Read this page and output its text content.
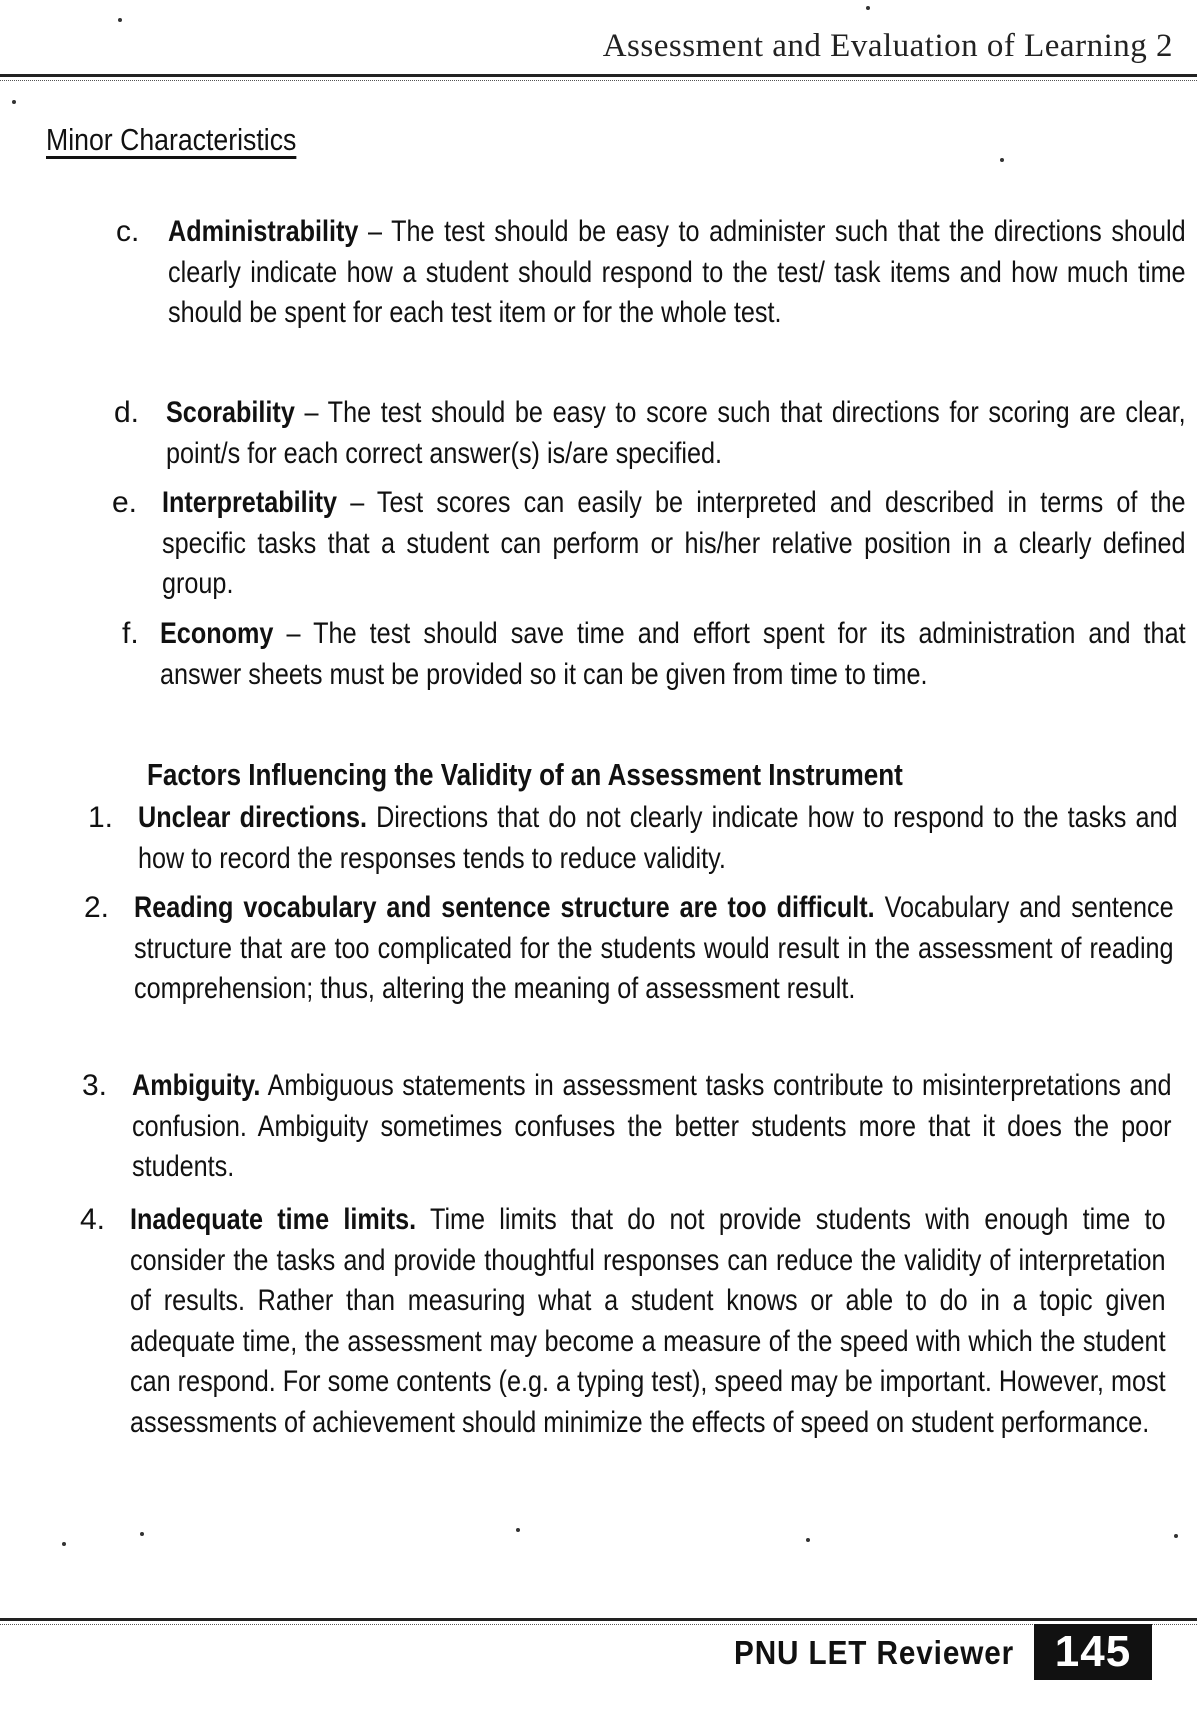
Assessment and Evaluation of Learning 2
Minor Characteristics
c. Administrability – The test should be easy to administer such that the directions should clearly indicate how a student should respond to the test/ task items and how much time should be spent for each test item or for the whole test.
d. Scorability – The test should be easy to score such that directions for scoring are clear, point/s for each correct answer(s) is/are specified.
e. Interpretability – Test scores can easily be interpreted and described in terms of the specific tasks that a student can perform or his/her relative position in a clearly defined group.
f. Economy – The test should save time and effort spent for its administration and that answer sheets must be provided so it can be given from time to time.
Factors Influencing the Validity of an Assessment Instrument
1. Unclear directions. Directions that do not clearly indicate how to respond to the tasks and how to record the responses tends to reduce validity.
2. Reading vocabulary and sentence structure are too difficult. Vocabulary and sentence structure that are too complicated for the students would result in the assessment of reading comprehension; thus, altering the meaning of assessment result.
3. Ambiguity. Ambiguous statements in assessment tasks contribute to misinterpretations and confusion. Ambiguity sometimes confuses the better students more that it does the poor students.
4. Inadequate time limits. Time limits that do not provide students with enough time to consider the tasks and provide thoughtful responses can reduce the validity of interpretation of results. Rather than measuring what a student knows or able to do in a topic given adequate time, the assessment may become a measure of the speed with which the student can respond. For some contents (e.g. a typing test), speed may be important. However, most assessments of achievement should minimize the effects of speed on student performance.
PNU LET Reviewer 145
